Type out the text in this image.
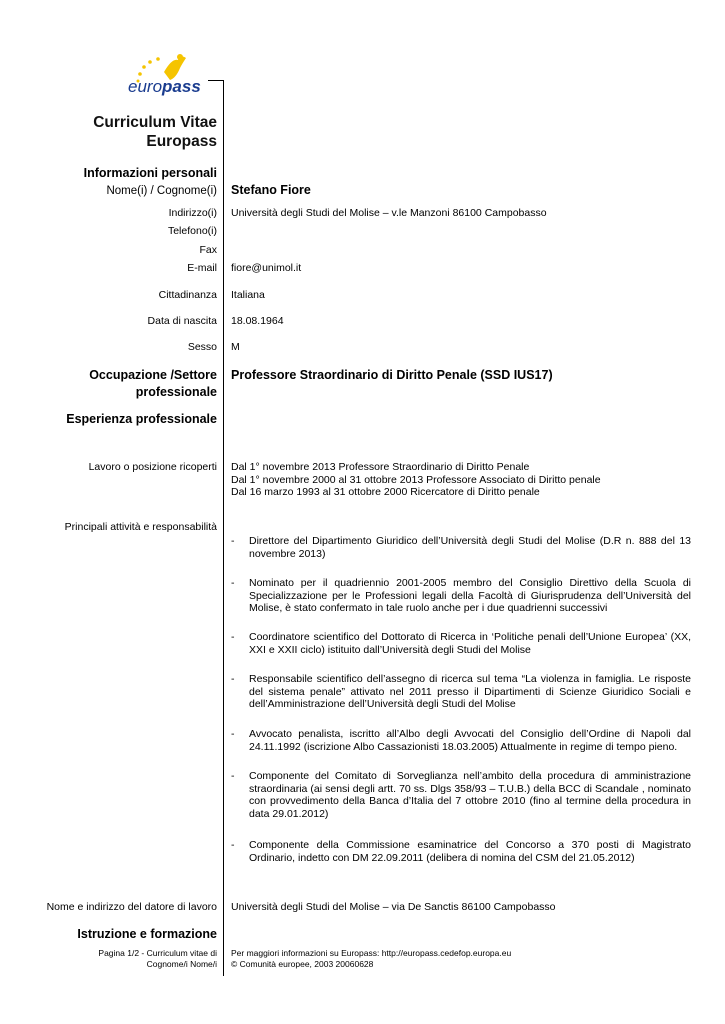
europass
Curriculum Vitae
Europass
Informazioni personali
Nome(i) / Cognome(i) Stefano Fiore
Indirizzo(i) Università degli Studi del Molise – v.le Manzoni 86100 Campobasso
Telefono(i)
Fax
E-mail fiore@unimol.it
Cittadinanza Italiana
Data di nascita 18.08.1964
Sesso M
Occupazione /Settore
professionale
Professore Straordinario di Diritto Penale (SSD IUS17)
Esperienza professionale
Lavoro o posizione ricoperti Dal 1° novembre 2013 Professore Straordinario di Diritto Penale
Dal 1° novembre 2000 al 31 ottobre 2013 Professore Associato di Diritto penale
Dal 16 marzo 1993 al 31 ottobre 2000 Ricercatore di Diritto penale
Principali attività e responsabilità
- Direttore del Dipartimento Giuridico dell’Università degli Studi del Molise (D.R n. 888 del 13 novembre 2013)
- Nominato per il quadriennio 2001-2005 membro del Consiglio Direttivo della Scuola di Specializzazione per le Professioni legali della Facoltà di Giurisprudenza dell’Università del Molise, è stato confermato in tale ruolo anche per i due quadrienni successivi
- Coordinatore scientifico del Dottorato di Ricerca in ‘Politiche penali dell’Unione Europea’ (XX, XXI e XXII ciclo) istituito dall’Università degli Studi del Molise
- Responsabile scientifico dell’assegno di ricerca sul tema “La violenza in famiglia. Le risposte del sistema penale” attivato nel 2011 presso il Dipartimenti di Scienze Giuridico Sociali e dell’Amministrazione dell’Università degli Studi del Molise
- Avvocato penalista, iscritto all’Albo degli Avvocati del Consiglio dell’Ordine di Napoli dal 24.11.1992 (iscrizione Albo Cassazionisti 18.03.2005) Attualmente in regime di tempo pieno.
- Componente del Comitato di Sorveglianza nell’ambito della procedura di amministrazione straordinaria (ai sensi degli artt. 70 ss. Dlgs 358/93 – T.U.B.) della BCC di Scandale , nominato con provvedimento della Banca d’Italia del 7 ottobre 2010 (fino al termine della procedura in data 29.01.2012)
- Componente della Commissione esaminatrice del Concorso a 370 posti di Magistrato Ordinario, indetto con DM 22.09.2011 (delibera di nomina del CSM del 21.05.2012)
Nome e indirizzo del datore di lavoro Università degli Studi del Molise – via De Sanctis 86100 Campobasso
Istruzione e formazione
Pagina 1/2 - Curriculum vitae di
Cognome/i Nome/i
Per maggiori informazioni su Europass: http://europass.cedefop.europa.eu
© Comunità europee, 2003 20060628
